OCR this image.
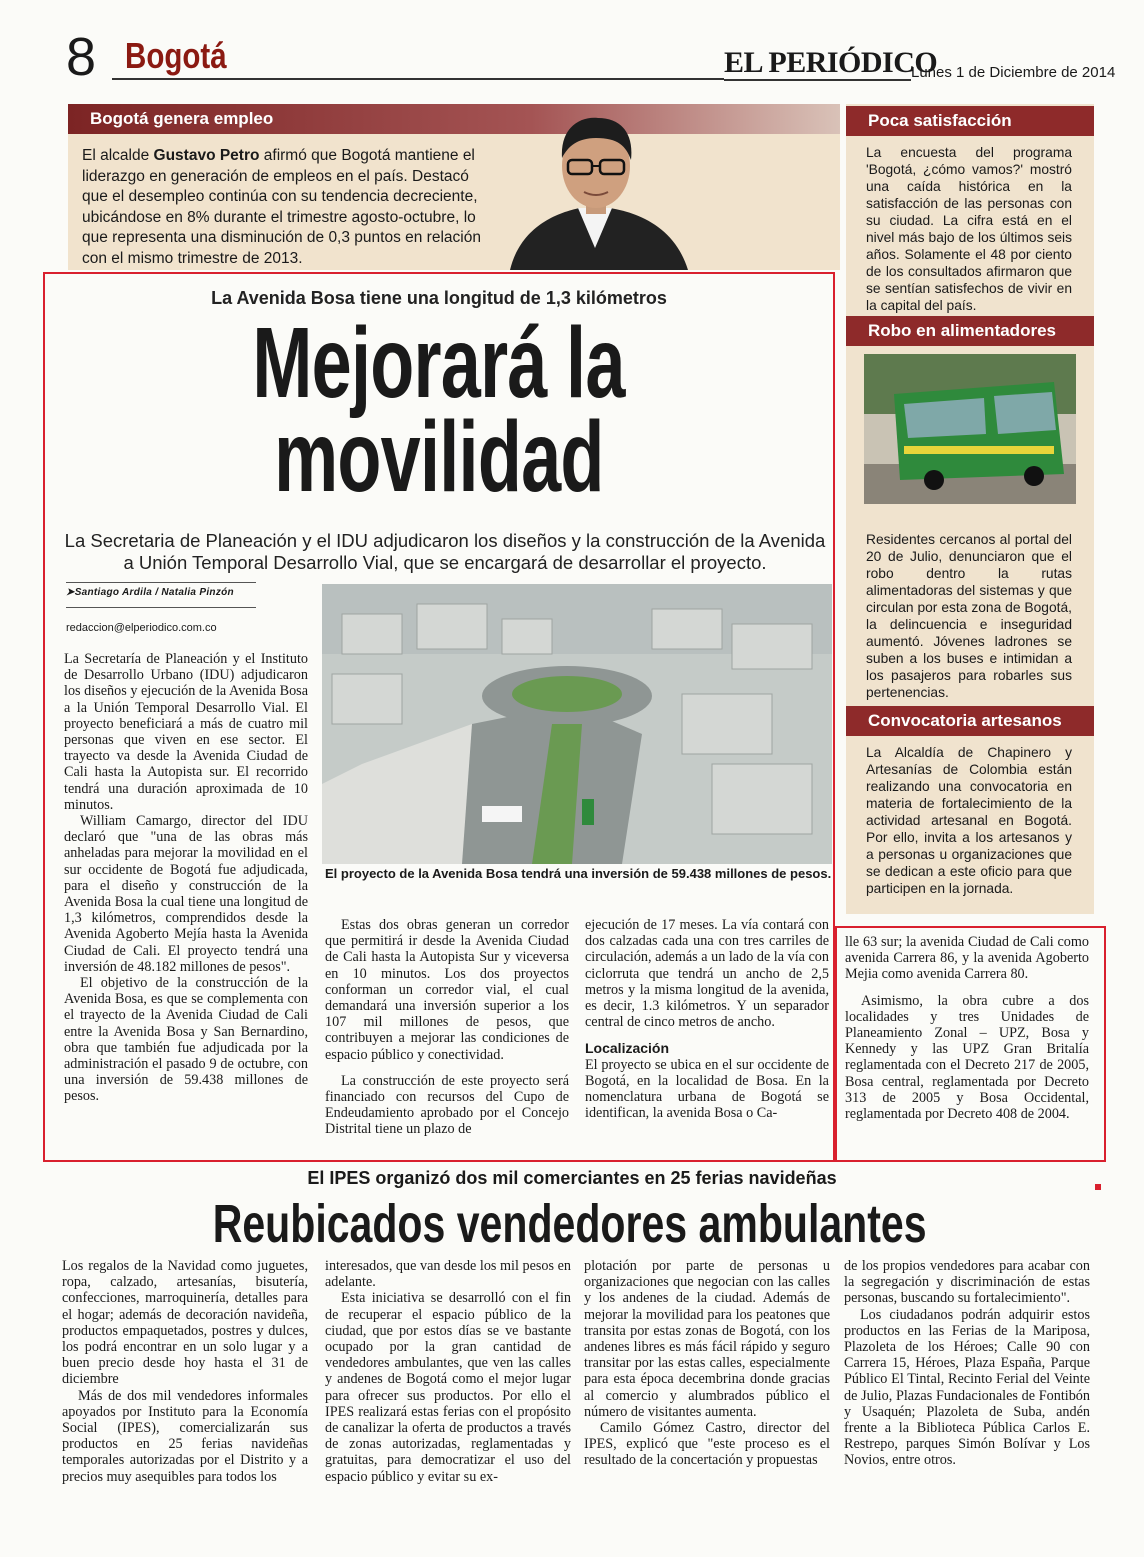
8 Bogotá	EL PERIÓDICO
Lunes 1 de Diciembre de 2014
Bogotá genera empleo
El alcalde Gustavo Petro afirmó que Bogotá mantiene el liderazgo en generación de empleos en el país. Destacó que el desempleo continúa con su tendencia decreciente, ubicándose en 8% durante el trimestre agosto-octubre, lo que representa una disminución de 0,3 puntos en relación con el mismo trimestre de 2013.
Poca satisfacción
La encuesta del programa 'Bogotá, ¿cómo vamos?' mostró una caída histórica en la satisfacción de las personas con su ciudad. La cifra está en el nivel más bajo de los últimos seis años. Solamente el 48 por ciento de los consultados afirmaron que se sentían satisfechos de vivir en la capital del país.
Robo en alimentadores
Residentes cercanos al portal del 20 de Julio, denunciaron que el robo dentro la rutas alimentadoras del sistemas y que circulan por esta zona de Bogotá, la delincuencia e inseguridad aumentó. Jóvenes ladrones se suben a los buses e intimidan a los pasajeros para robarles sus pertenencias.
Convocatoria artesanos
La Alcaldía de Chapinero y Artesanías de Colombia están realizando una convocatoria en materia de fortalecimiento de la actividad artesanal en Bogotá. Por ello, invita a los artesanos y a personas u organizaciones que se dedican a este oficio para que participen en la jornada.
La Avenida Bosa tiene una longitud de 1,3 kilómetros
Mejorará la
movilidad
La Secretaria de Planeación y el IDU adjudicaron los diseños y la construcción de la Avenida a Unión Temporal Desarrollo Vial, que se encargará de desarrollar el proyecto.
➤Santiago Ardila / Natalia Pinzón
redaccion@elperiodico.com.co
El proyecto de la Avenida Bosa tendrá una inversión de 59.438 millones de pesos.

La Secretaría de Planeación y el Instituto de Desarrollo Urbano (IDU) adjudicaron los diseños y ejecución de la Avenida Bosa a la Unión Temporal Desarrollo Vial. El proyecto beneficiará a más de cuatro mil personas que viven en ese sector. El trayecto va desde la Avenida Ciudad de Cali hasta la Autopista sur. El recorrido tendrá una duración aproximada de 10 minutos.

William Camargo, director del IDU declaró que "una de las obras más anheladas para mejorar la movilidad en el sur occidente de Bogotá fue adjudicada, para el diseño y construcción de la Avenida Bosa la cual tiene una longitud de 1,3 kilómetros, comprendidos desde la Avenida Agoberto Mejía hasta la Avenida Ciudad de Cali. El proyecto tendrá una inversión de 48.182 millones de pesos".

El objetivo de la construcción de la Avenida Bosa, es que se complementa con el trayecto de la Avenida Ciudad de Cali entre la Avenida Bosa y San Bernardino, obra que también fue adjudicada por la administración el pasado 9 de octubre, con una inversión de 59.438 millones de pesos.

Estas dos obras generan un corredor que permitirá ir desde la Avenida Ciudad de Cali hasta la Autopista Sur y viceversa en 10 minutos. Los dos proyectos conforman un corredor vial, el cual demandará una inversión superior a los 107 mil millones de pesos, que contribuyen a mejorar las condiciones de espacio público y conectividad.

La construcción de este proyecto será financiado con recursos del Cupo de Endeudamiento aprobado por el Concejo Distrital tiene un plazo de

ejecución de 17 meses. La vía contará con dos calzadas cada una con tres carriles de circulación, además a un lado de la vía con ciclorruta que tendrá un ancho de 2,5 metros y la misma longitud de la avenida, es decir, 1.3 kilómetros. Y un separador central de cinco metros de ancho.

Localización

El proyecto se ubica en el sur occidente de Bogotá, en la localidad de Bosa. En la nomenclatura urbana de Bogotá se identifican, la avenida Bosa o Ca-

lle 63 sur; la avenida Ciudad de Cali como avenida Carrera 86, y la avenida Agoberto Mejia como avenida Carrera 80.

Asimismo, la obra cubre a dos localidades y tres Unidades de Planeamiento Zonal – UPZ, Bosa y Kennedy y las UPZ Gran Britalía reglamentada con el Decreto 217 de 2005, Bosa central, reglamentada por Decreto 313 de 2005 y Bosa Occidental, reglamentada por Decreto 408 de 2004.

El IPES organizó dos mil comerciantes en 25 ferias navideñas
Reubicados vendedores ambulantes

Los regalos de la Navidad como juguetes, ropa, calzado, artesanías, bisutería, confecciones, marroquinería, detalles para el hogar; además de decoración navideña, productos empaquetados, postres y dulces, los podrá encontrar en un solo lugar y a buen precio desde hoy hasta el 31 de diciembre

Más de dos mil vendedores informales apoyados por Instituto para la Economía Social (IPES), comercializarán sus productos en 25 ferias navideñas temporales autorizadas por el Distrito y a precios muy asequibles para todos los

interesados, que van desde los mil pesos en adelante.

Esta iniciativa se desarrolló con el fin de recuperar el espacio público de la ciudad, que por estos días se ve bastante ocupado por la gran cantidad de vendedores ambulantes, que ven las calles y andenes de Bogotá como el mejor lugar para ofrecer sus productos. Por ello el IPES realizará estas ferias con el propósito de canalizar la oferta de productos a través de zonas autorizadas, reglamentadas y gratuitas, para democratizar el uso del espacio público y evitar su ex-

plotación por parte de personas u organizaciones que negocian con las calles y los andenes de la ciudad. Además de mejorar la movilidad para los peatones que transita por estas zonas de Bogotá, con los andenes libres es más fácil rápido y seguro transitar por las estas calles, especialmente para esta época decembrina donde gracias al comercio y alumbrados público el número de visitantes aumenta.

Camilo Gómez Castro, director del IPES, explicó que "este proceso es el resultado de la concertación y propuestas

de los propios vendedores para acabar con la segregación y discriminación de estas personas, buscando su fortalecimiento".

Los ciudadanos podrán adquirir estos productos en las Ferias de la Mariposa, Plazoleta de los Héroes; Calle 90 con Carrera 15, Héroes, Plaza España, Parque Público El Tintal, Recinto Ferial del Veinte de Julio, Plazas Fundacionales de Fontibón y Usaquén; Plazoleta de Suba, andén frente a la Biblioteca Pública Carlos E. Restrepo, parques Simón Bolívar y Los Novios, entre otros.
